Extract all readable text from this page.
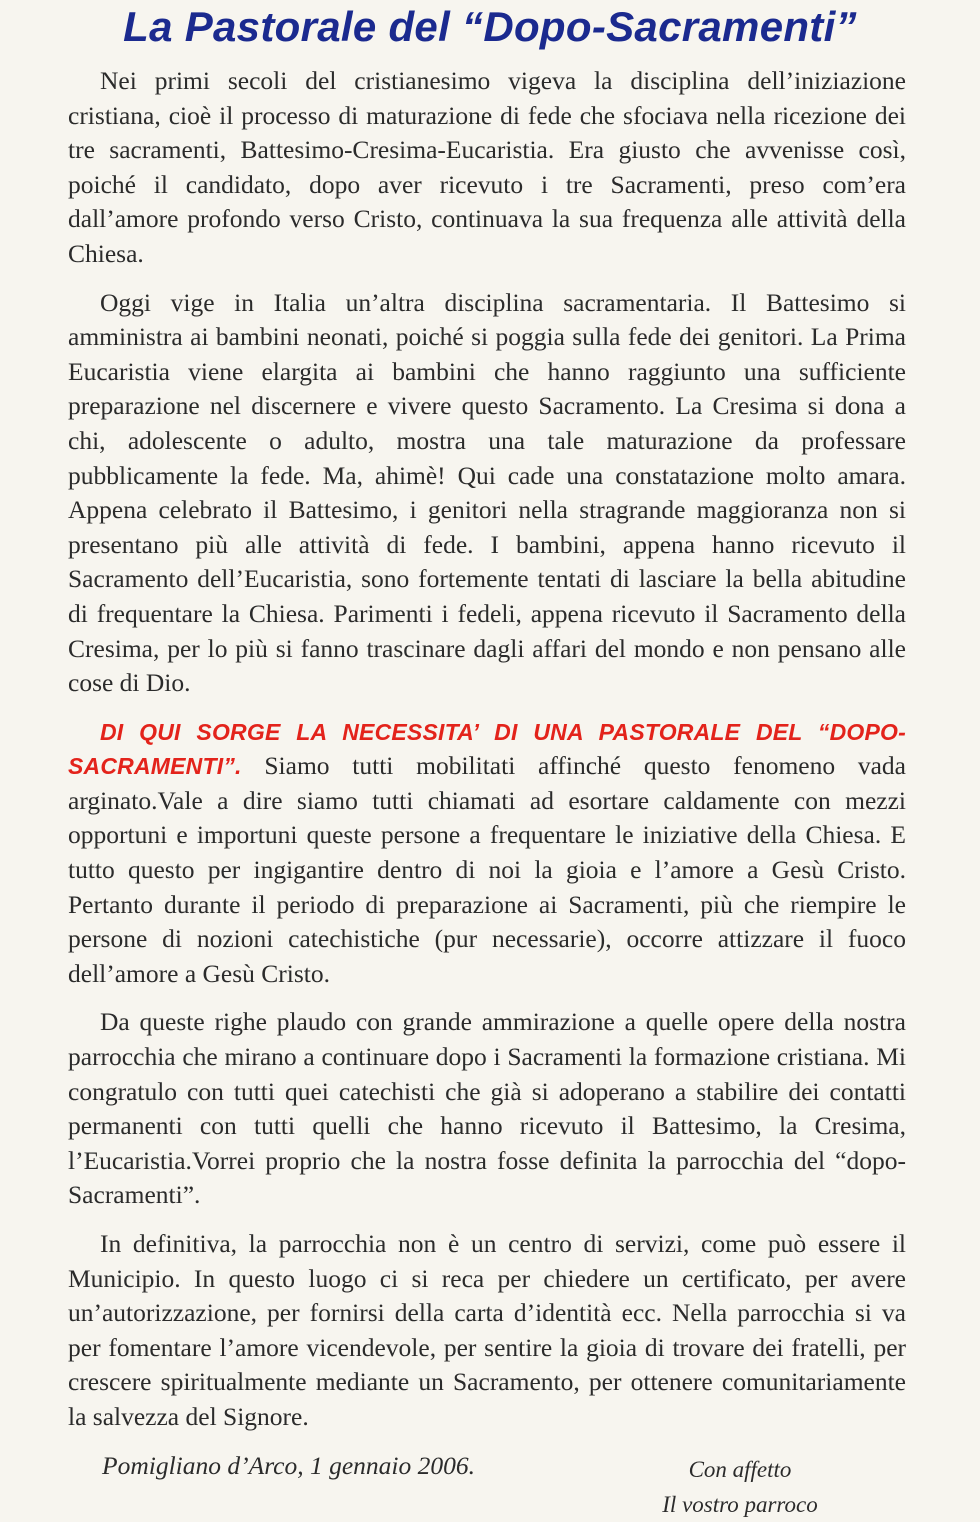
La Pastorale del “Dopo-Sacramenti”

Nei primi secoli del cristianesimo vigeva la disciplina dell’iniziazione cristiana, cioè il processo di maturazione di fede che sfociava nella ricezione dei tre sacramenti, Battesimo-Cresima-Eucaristia. Era giusto che avvenisse così, poiché il candidato, dopo aver ricevuto i tre Sacramenti, preso com’era dall’amore profondo verso Cristo, continuava la sua frequenza alle attività della Chiesa.

Oggi vige in Italia un’altra disciplina sacramentaria. Il Battesimo si amministra ai bambini neonati, poiché si poggia sulla fede dei genitori. La Prima Eucaristia viene elargita ai bambini che hanno raggiunto una sufficiente preparazione nel discernere e vivere questo Sacramento. La Cresima si dona a chi, adolescente o adulto, mostra una tale maturazione da professare pubblicamente la fede. Ma, ahimè! Qui cade una constatazione molto amara. Appena celebrato il Battesimo, i genitori nella stragrande maggioranza non si presentano più alle attività di fede. I bambini, appena hanno ricevuto il Sacramento dell’Eucaristia, sono fortemente tentati di lasciare la bella abitudine di frequentare la Chiesa. Parimenti i fedeli, appena ricevuto il Sacramento della Cresima, per lo più si fanno trascinare dagli affari del mondo e non pensano alle cose di Dio.

DI QUI SORGE LA NECESSITA’ DI UNA PASTORALE DEL “DOPO-SACRAMENTI”. Siamo tutti mobilitati affinché questo fenomeno vada arginato.Vale a dire siamo tutti chiamati ad esortare caldamente con mezzi opportuni e importuni queste persone a frequentare le iniziative della Chiesa. E tutto questo per ingigantire dentro di noi la gioia e l’amore a Gesù Cristo. Pertanto durante il periodo di preparazione ai Sacramenti, più che riempire le persone di nozioni catechistiche (pur necessarie), occorre attizzare il fuoco dell’amore a Gesù Cristo.

Da queste righe plaudo con grande ammirazione a quelle opere della nostra parrocchia che mirano a continuare dopo i Sacramenti la formazione cristiana. Mi congratulo con tutti quei catechisti che già si adoperano a stabilire dei contatti permanenti con tutti quelli che hanno ricevuto il Battesimo, la Cresima, l’Eucaristia.Vorrei proprio che la nostra fosse definita la parrocchia del “dopo-Sacramenti”.

In definitiva, la parrocchia non è un centro di servizi, come può essere il Municipio. In questo luogo ci si reca per chiedere un certificato, per avere un’autorizzazione, per fornirsi della carta d’identità ecc. Nella parrocchia si va per fomentare l’amore vicendevole, per sentire la gioia di trovare dei fratelli, per crescere spiritualmente mediante un Sacramento, per ottenere comunitariamente la salvezza del Signore.

Pomigliano d’Arco, 1 gennaio 2006.	Con affetto
Il vostro parroco
